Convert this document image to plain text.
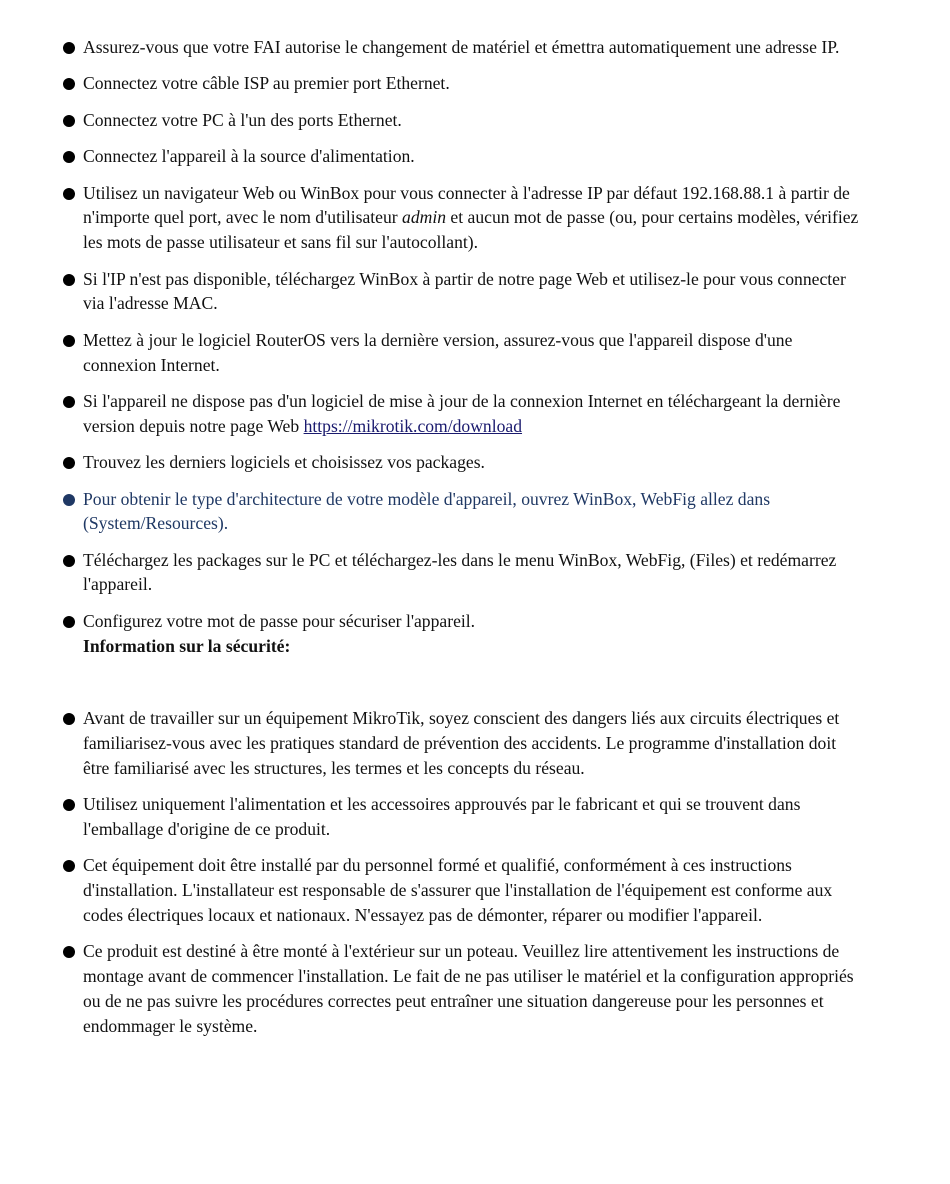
Assurez-vous que votre FAI autorise le changement de matériel et émettra automatiquement une adresse IP.
Connectez votre câble ISP au premier port Ethernet.
Connectez votre PC à l'un des ports Ethernet.
Connectez l'appareil à la source d'alimentation.
Utilisez un navigateur Web ou WinBox pour vous connecter à l'adresse IP par défaut 192.168.88.1 à partir de n'importe quel port, avec le nom d'utilisateur admin et aucun mot de passe (ou, pour certains modèles, vérifiez les mots de passe utilisateur et sans fil sur l'autocollant).
Si l'IP n'est pas disponible, téléchargez WinBox à partir de notre page Web et utilisez-le pour vous connecter via l'adresse MAC.
Mettez à jour le logiciel RouterOS vers la dernière version, assurez-vous que l'appareil dispose d'une connexion Internet.
Si l'appareil ne dispose pas d'un logiciel de mise à jour de la connexion Internet en téléchargeant la dernière version depuis notre page Web https://mikrotik.com/download
Trouvez les derniers logiciels et choisissez vos packages.
Pour obtenir le type d'architecture de votre modèle d'appareil, ouvrez WinBox, WebFig allez dans (System/Resources).
Téléchargez les packages sur le PC et téléchargez-les dans le menu WinBox, WebFig, (Files) et redémarrez l'appareil.
Configurez votre mot de passe pour sécuriser l'appareil.
Information sur la sécurité:
Avant de travailler sur un équipement MikroTik, soyez conscient des dangers liés aux circuits électriques et familiarisez-vous avec les pratiques standard de prévention des accidents. Le programme d'installation doit être familiarisé avec les structures, les termes et les concepts du réseau.
Utilisez uniquement l'alimentation et les accessoires approuvés par le fabricant et qui se trouvent dans l'emballage d'origine de ce produit.
Cet équipement doit être installé par du personnel formé et qualifié, conformément à ces instructions d'installation. L'installateur est responsable de s'assurer que l'installation de l'équipement est conforme aux codes électriques locaux et nationaux. N'essayez pas de démonter, réparer ou modifier l'appareil.
Ce produit est destiné à être monté à l'extérieur sur un poteau. Veuillez lire attentivement les instructions de montage avant de commencer l'installation. Le fait de ne pas utiliser le matériel et la configuration appropriés ou de ne pas suivre les procédures correctes peut entraîner une situation dangereuse pour les personnes et endommager le système.
